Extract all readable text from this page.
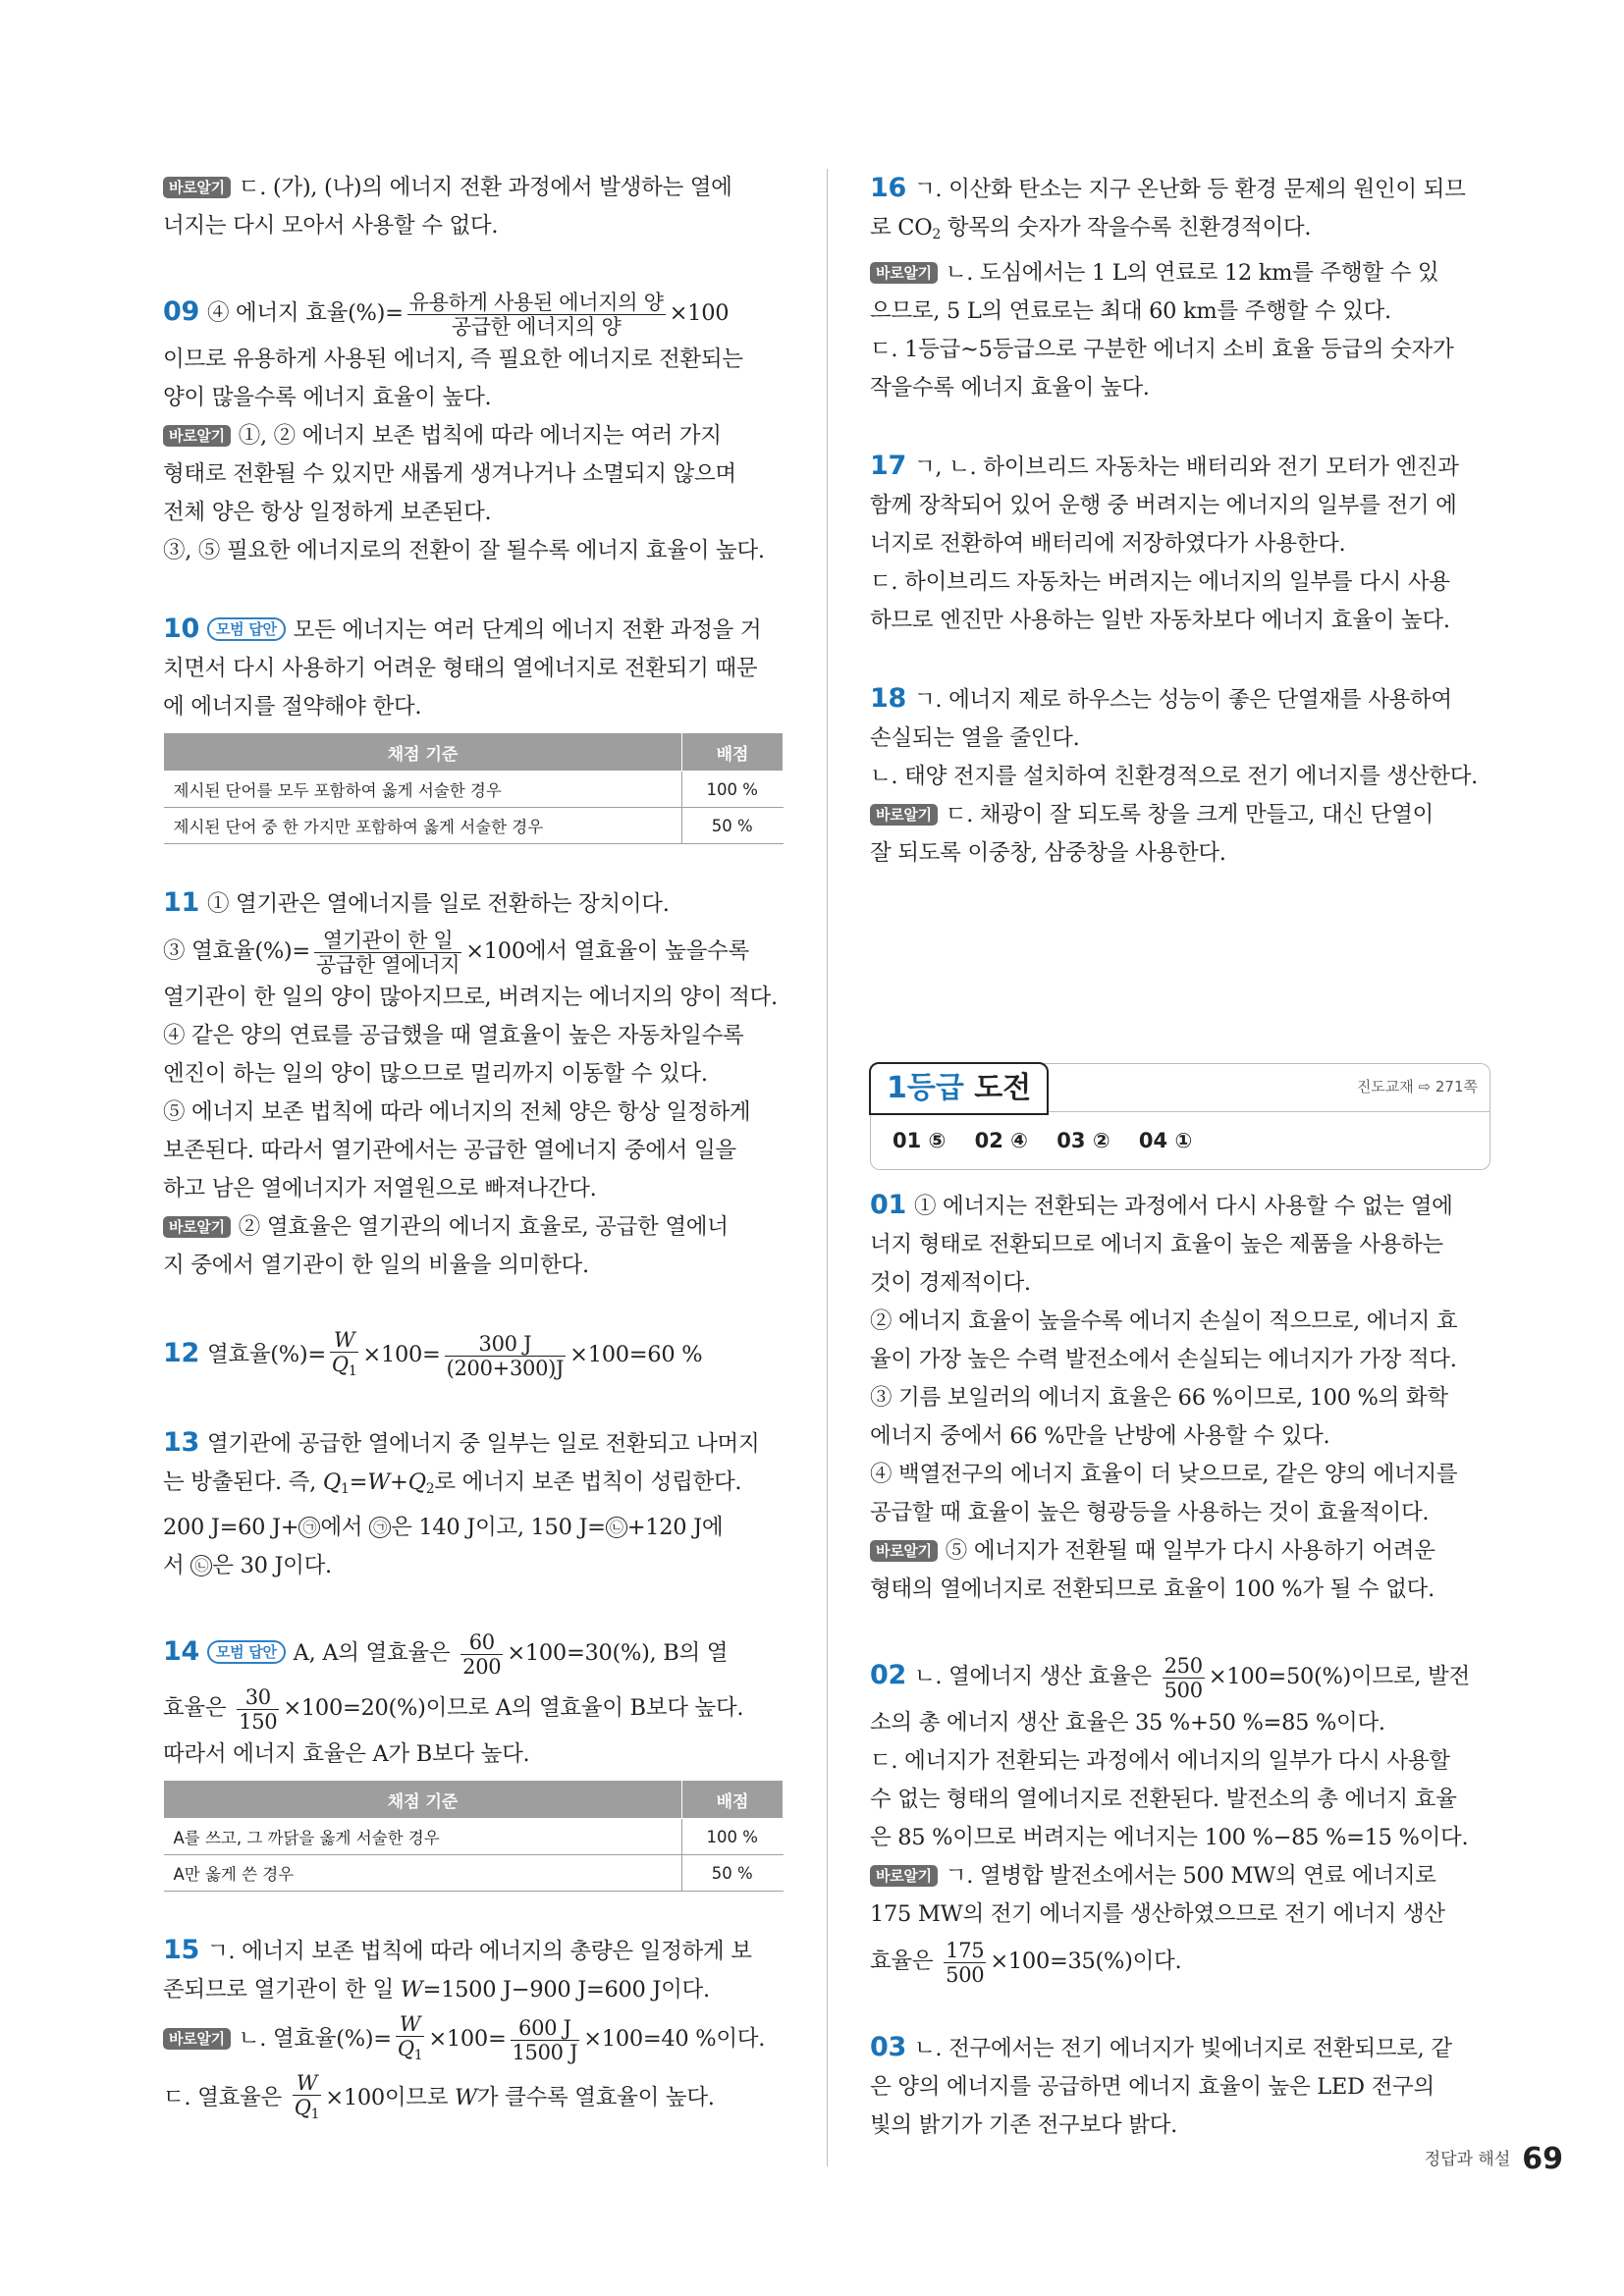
바로알기 ㄷ. (가), (나)의 에너지 전환 과정에서 발생하는 열에
너지는 다시 모아서 사용할 수 없다.
09 ④ 에너지 효율(%)= $\frac{\text{유용하게 사용된 에너지의 양}}{\text{공급한 에너지의 양}} \times 100$
이므로 유용하게 사용된 에너지, 즉 필요한 에너지로 전환되는
양이 많을수록 에너지 효율이 높다.
바로알기 ①, ② 에너지 보존 법칙에 따라 에너지는 여러 가지
형태로 전환될 수 있지만 새롭게 생겨나거나 소멸되지 않으며
전체 양은 항상 일정하게 보존된다.
③, ⑤ 필요한 에너지로의 전환이 잘 될수록 에너지 효율이 높다.
10 모범 답안 모든 에너지는 여러 단계의 에너지 전환 과정을 거
치면서 다시 사용하기 어려운 형태의 열에너지로 전환되기 때문
에 에너지를 절약해야 한다.
채점 기준	배점
제시된 단어를 모두 포함하여 옳게 서술한 경우	100 %
제시된 단어 중 한 가지만 포함하여 옳게 서술한 경우	50 %
11 ① 열기관은 열에너지를 일로 전환하는 장치이다.
③ 열효율(%)= $\frac{\text{열기관이 한 일}}{\text{공급한 열에너지}} \times 100$에서 열효율이 높을수록
열기관이 한 일의 양이 많아지므로, 버려지는 에너지의 양이 적다.
④ 같은 양의 연료를 공급했을 때 열효율이 높은 자동차일수록
엔진이 하는 일의 양이 많으므로 멀리까지 이동할 수 있다.
⑤ 에너지 보존 법칙에 따라 에너지의 전체 양은 항상 일정하게
보존된다. 따라서 열기관에서는 공급한 열에너지 중에서 일을
하고 남은 열에너지가 저열원으로 빠져나간다.
바로알기 ② 열효율은 열기관의 에너지 효율로, 공급한 열에너
지 중에서 열기관이 한 일의 비율을 의미한다.
12 열효율(%)= $\frac{W}{Q_1} \times 100= \frac{300 J}{(200+300)J} \times 100=60$ %
13 열기관에 공급한 열에너지 중 일부는 일로 전환되고 나머지
는 방출된다. 즉, $Q_1=W+Q_2$로 에너지 보존 법칙이 성립한다.
200 J=60 J+ ㉠ 에서 ㉠ 은 140 J이고, 150 J= ㉡ +120 J에
서 ㉡ 은 30 J이다.
14 모범 답안 A, A의 열효율은 $\frac{60}{200} \times 100=30(\%)$, B의 열
효율은 $\frac{30}{150} \times 100=20(\%)$이므로 A의 열효율이 B보다 높다.
따라서 에너지 효율은 A가 B보다 높다.
채점 기준	배점
A를 쓰고, 그 까닭을 옳게 서술한 경우	100 %
A만 옳게 쓴 경우	50 %
15 ㄱ. 에너지 보존 법칙에 따라 에너지의 총량은 일정하게 보
존되므로 열기관이 한 일 W=1500 J−900 J=600 J이다.
바로알기 ㄴ. 열효율(%)= $\frac{W}{Q_1} \times 100= \frac{600 J}{1500 J} \times 100=40$ %이다.
ㄷ. 열효율은 $\frac{W}{Q_1} \times 100$이므로 W가 클수록 열효율이 높다.
16 ㄱ. 이산화 탄소는 지구 온난화 등 환경 문제의 원인이 되므
로 $CO_2$ 항목의 숫자가 작을수록 친환경적이다.
바로알기 ㄴ. 도심에서는 1 L의 연료로 12 km를 주행할 수 있
으므로, 5 L의 연료로는 최대 60 km를 주행할 수 있다.
ㄷ. 1등급~5등급으로 구분한 에너지 소비 효율 등급의 숫자가
작을수록 에너지 효율이 높다.
17 ㄱ, ㄴ. 하이브리드 자동차는 배터리와 전기 모터가 엔진과
함께 장착되어 있어 운행 중 버려지는 에너지의 일부를 전기 에
너지로 전환하여 배터리에 저장하였다가 사용한다.
ㄷ. 하이브리드 자동차는 버려지는 에너지의 일부를 다시 사용
하므로 엔진만 사용하는 일반 자동차보다 에너지 효율이 높다.
18 ㄱ. 에너지 제로 하우스는 성능이 좋은 단열재를 사용하여
손실되는 열을 줄인다.
ㄴ. 태양 전지를 설치하여 친환경적으로 전기 에너지를 생산한다.
바로알기 ㄷ. 채광이 잘 되도록 창을 크게 만들고, 대신 단열이
잘 되도록 이중창, 삼중창을 사용한다.
1등급 도전	진도교재 ⇨ 271쪽
01 ⑤ 02 ④ 03 ② 04 ①
01 ① 에너지는 전환되는 과정에서 다시 사용할 수 없는 열에
너지 형태로 전환되므로 에너지 효율이 높은 제품을 사용하는
것이 경제적이다.
② 에너지 효율이 높을수록 에너지 손실이 적으므로, 에너지 효
율이 가장 높은 수력 발전소에서 손실되는 에너지가 가장 적다.
③ 기름 보일러의 에너지 효율은 66 %이므로, 100 %의 화학
에너지 중에서 66 %만을 난방에 사용할 수 있다.
④ 백열전구의 에너지 효율이 더 낮으므로, 같은 양의 에너지를
공급할 때 효율이 높은 형광등을 사용하는 것이 효율적이다.
바로알기 ⑤ 에너지가 전환될 때 일부가 다시 사용하기 어려운
형태의 열에너지로 전환되므로 효율이 100 %가 될 수 없다.
02 ㄴ. 열에너지 생산 효율은 $\frac{250}{500} \times 100=50(\%)$이므로, 발전
소의 총 에너지 생산 효율은 35 %+50 %=85 %이다.
ㄷ. 에너지가 전환되는 과정에서 에너지의 일부가 다시 사용할
수 없는 형태의 열에너지로 전환된다. 발전소의 총 에너지 효율
은 85 %이므로 버려지는 에너지는 100 %−85 %=15 %이다.
바로알기 ㄱ. 열병합 발전소에서는 500 MW의 연료 에너지로
175 MW의 전기 에너지를 생산하였으므로 전기 에너지 생산
효율은 $\frac{175}{500} \times 100=35(\%)$이다.
03 ㄴ. 전구에서는 전기 에너지가 빛에너지로 전환되므로, 같
은 양의 에너지를 공급하면 에너지 효율이 높은 LED 전구의
빛의 밝기가 기존 전구보다 밝다.
정답과 해설 69
